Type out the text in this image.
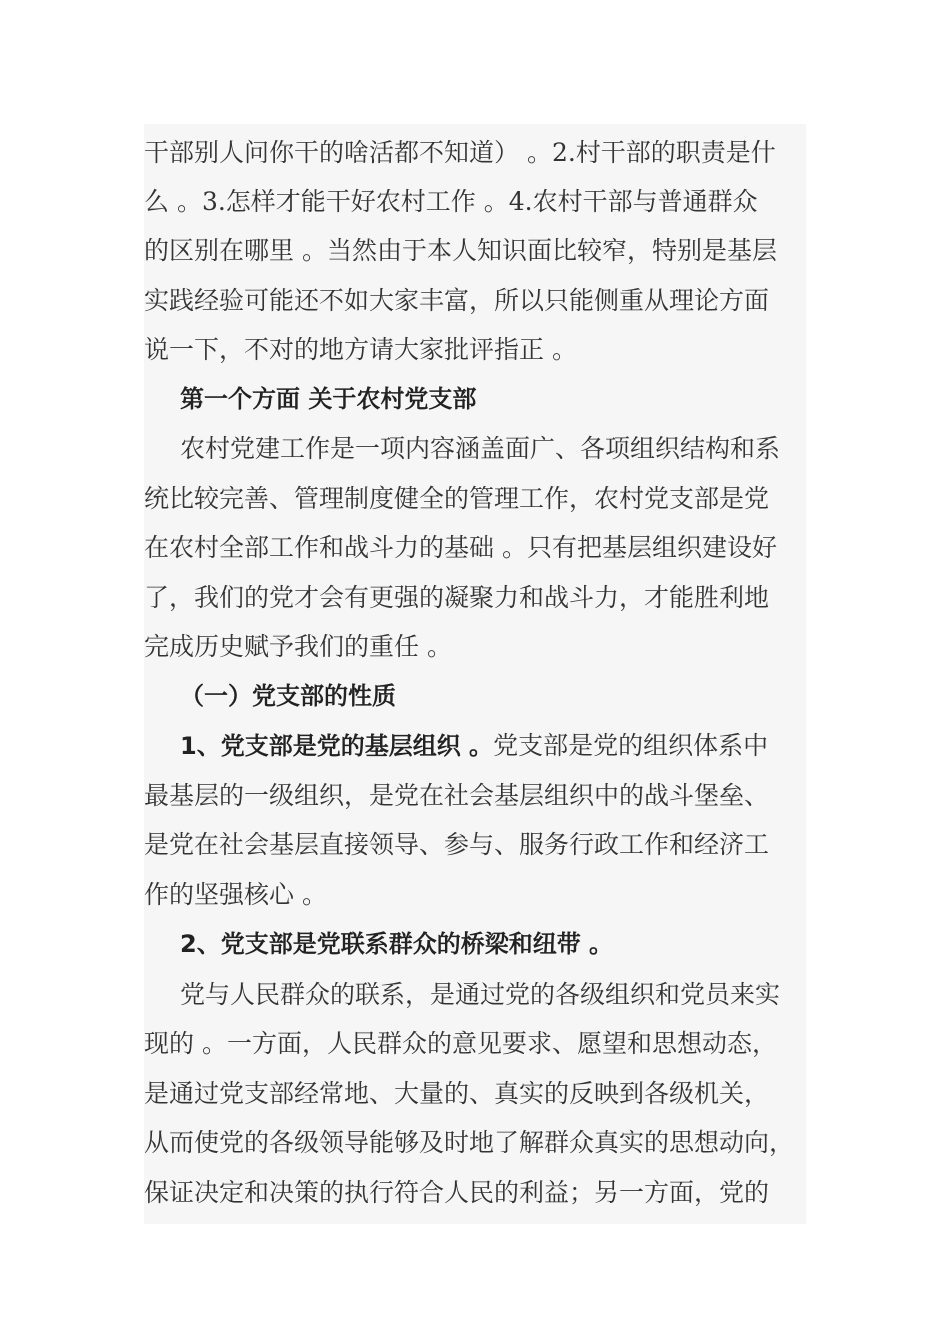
干部别人问你干的啥活都不知道） 。2.村干部的职责是什
么 。3.怎样才能干好农村工作 。4.农村干部与普通群众
的区别在哪里 。当然由于本人知识面比较窄，特别是基层
实践经验可能还不如大家丰富，所以只能侧重从理论方面
说一下，不对的地方请大家批评指正 。
第一个方面 关于农村党支部
农村党建工作是一项内容涵盖面广、各项组织结构和系
统比较完善、管理制度健全的管理工作，农村党支部是党
在农村全部工作和战斗力的基础 。只有把基层组织建设好
了，我们的党才会有更强的凝聚力和战斗力，才能胜利地
完成历史赋予我们的重任 。
（一）党支部的性质
1、党支部是党的基层组织 。党支部是党的组织体系中
最基层的一级组织，是党在社会基层组织中的战斗堡垒、
是党在社会基层直接领导、参与、服务行政工作和经济工
作的坚强核心 。
2、党支部是党联系群众的桥梁和纽带 。
党与人民群众的联系，是通过党的各级组织和党员来实
现的 。一方面，人民群众的意见要求、愿望和思想动态，
是通过党支部经常地、大量的、真实的反映到各级机关，
从而使党的各级领导能够及时地了解群众真实的思想动向，
保证决定和决策的执行符合人民的利益；另一方面，党的
